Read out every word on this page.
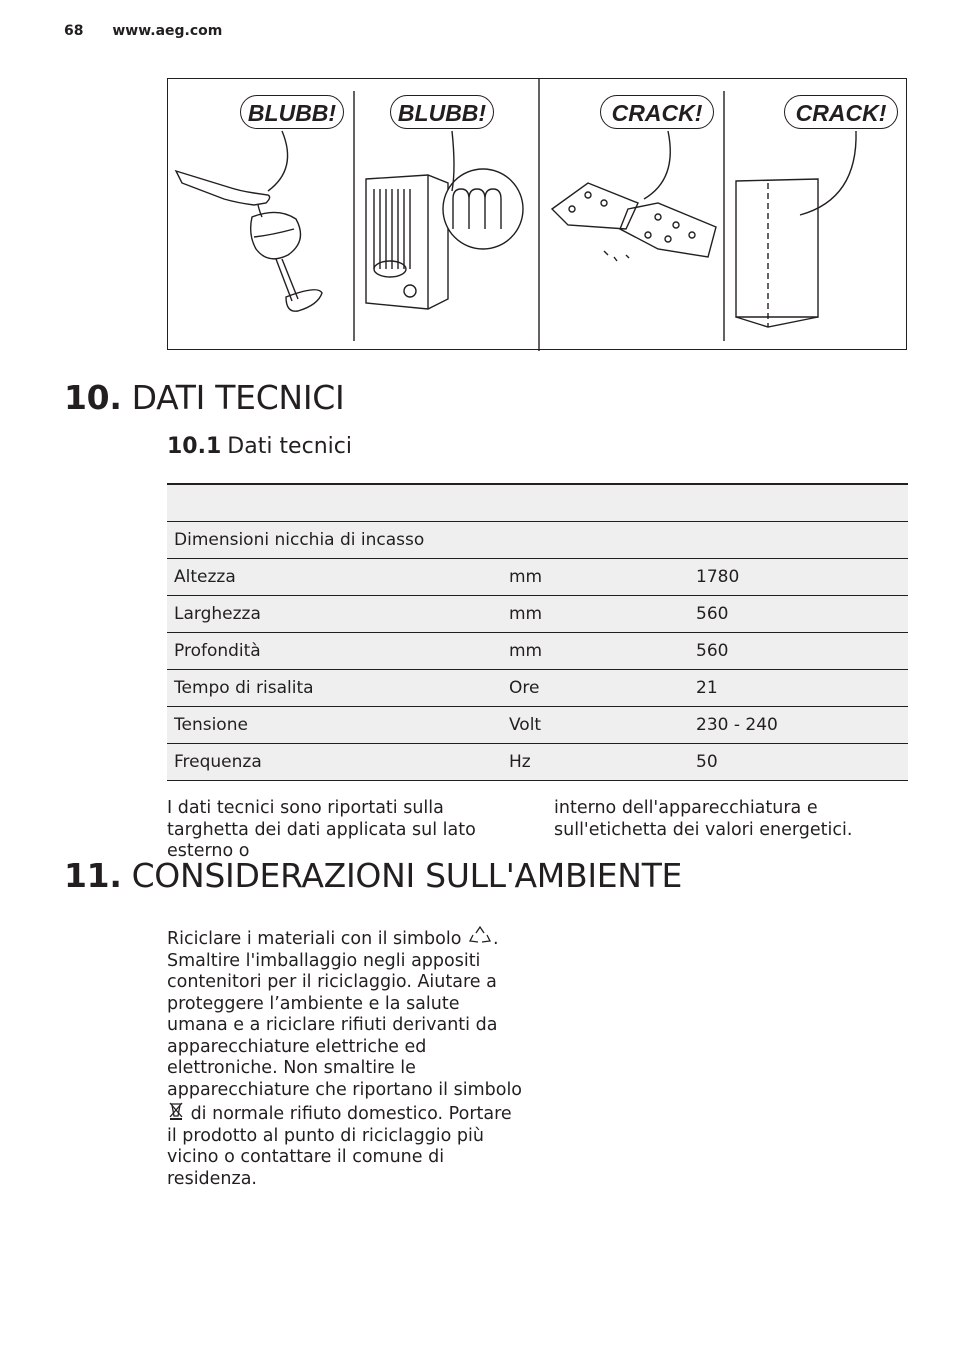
68 www.aeg.com
BLUBB!	BLUBB!	CRACK!	CRACK!
10. DATI TECNICI
10.1 Dati tecnici

Dimensioni nicchia di incasso		
Altezza	mm	1780
Larghezza	mm	560
Profondità	mm	560
Tempo di risalita	Ore	21
Tensione	Volt	230 - 240
Frequenza	Hz	50
I dati tecnici sono riportati sulla targhetta dei dati applicata sul lato esterno o
interno dell'apparecchiatura e sull'etichetta dei valori energetici.
11. CONSIDERAZIONI SULL'AMBIENTE
Riciclare i materiali con il simbolo . Smaltire l'imballaggio negli appositi contenitori per il riciclaggio. Aiutare a proteggere l’ambiente e la salute umana e a riciclare rifiuti derivanti da apparecchiature elettriche ed elettroniche. Non smaltire le apparecchiature che riportano il simbolo  di normale rifiuto domestico. Portare il prodotto al punto di riciclaggio più vicino o contattare il comune di residenza.
